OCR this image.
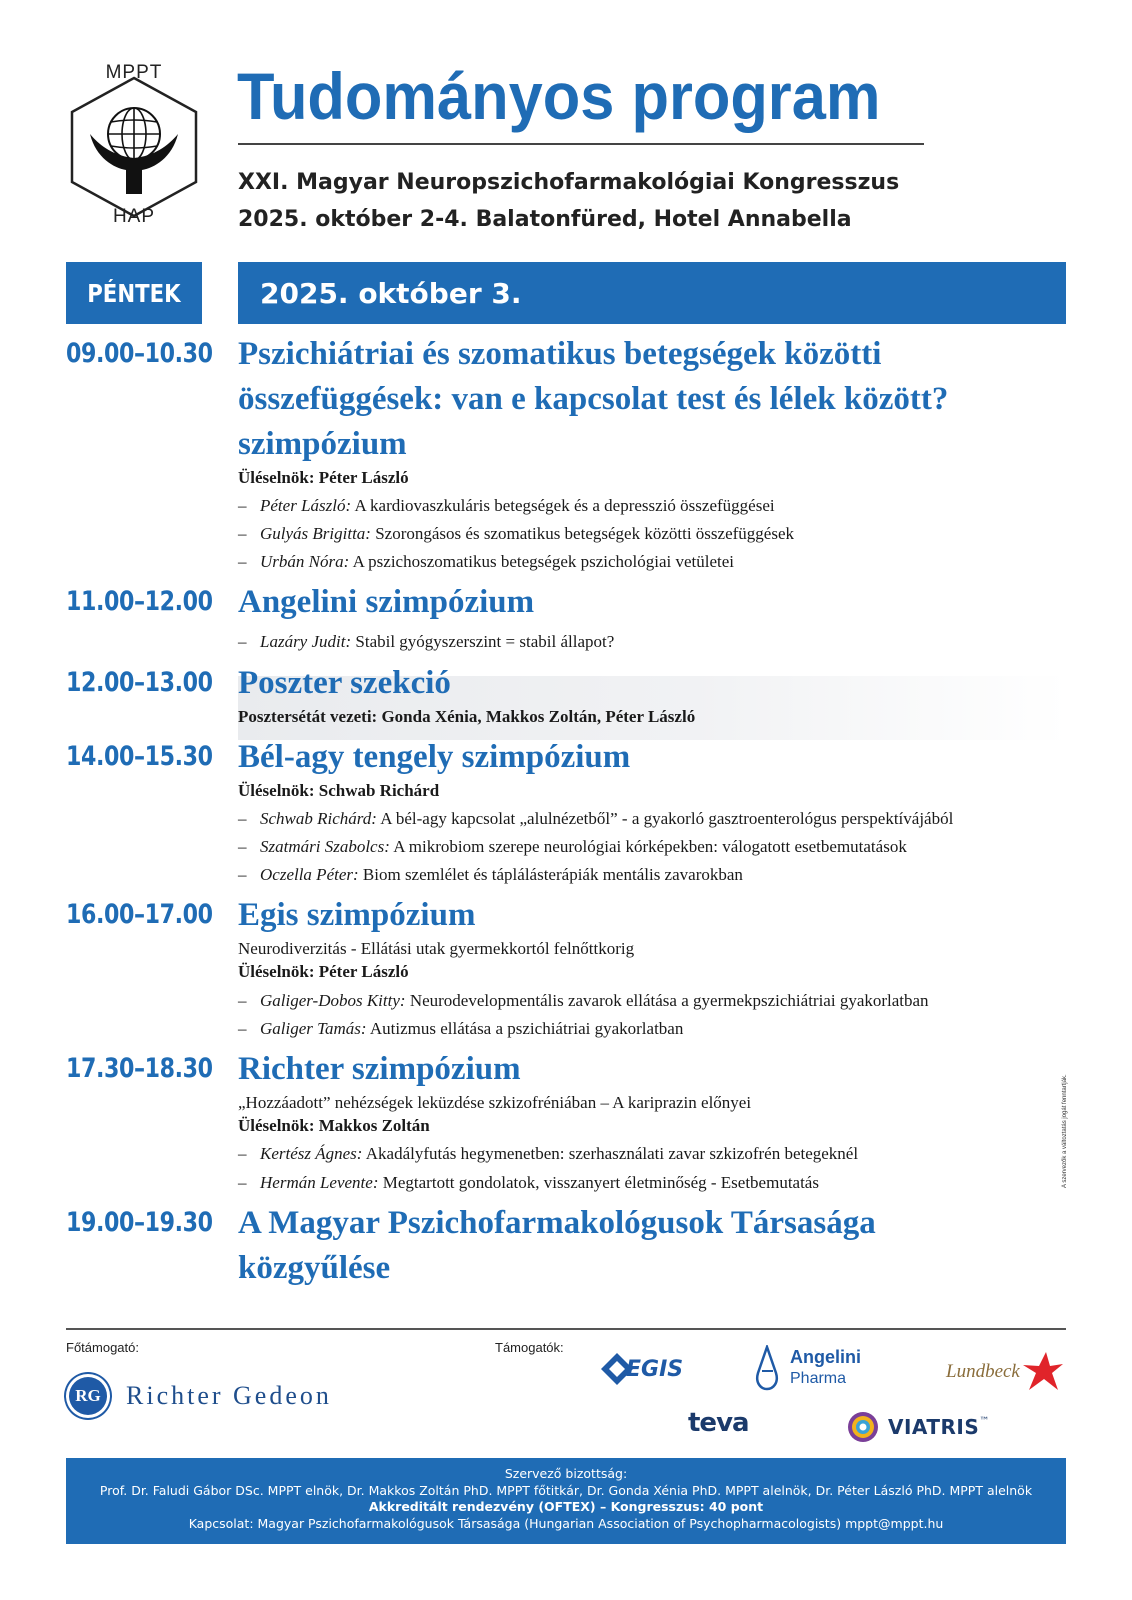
MPPT
HAP
Tudományos program
XXI. Magyar Neuropszichofarmakológiai Kongresszus
2025. október 2-4. Balatonfüred, Hotel Annabella
PÉNTEK	2025. október 3.
09.00–10.30 Pszichiátriai és szomatikus betegségek közötti
összefüggések: van e kapcsolat test és lélek között?
szimpózium
Üléselnök: Péter László
– Péter László: A kardiovaszkuláris betegségek és a depresszió összefüggései
– Gulyás Brigitta: Szorongásos és szomatikus betegségek közötti összefüggések
– Urbán Nóra: A pszichoszomatikus betegségek pszichológiai vetületei
11.00–12.00 Angelini szimpózium
– Lazáry Judit: Stabil gyógyszerszint = stabil állapot?
12.00–13.00 Poszter szekció
Posztersétát vezeti: Gonda Xénia, Makkos Zoltán, Péter László
14.00–15.30 Bél-agy tengely szimpózium
Üléselnök: Schwab Richárd
– Schwab Richárd: A bél-agy kapcsolat „alulnézetből” - a gyakorló gasztroenterológus perspektívájából
– Szatmári Szabolcs: A mikrobiom szerepe neurológiai kórképekben: válogatott esetbemutatások
– Oczella Péter: Biom szemlélet és táplálásterápiák mentális zavarokban
16.00–17.00 Egis szimpózium
Neurodiverzitás - Ellátási utak gyermekkortól felnőttkorig
Üléselnök: Péter László
– Galiger-Dobos Kitty: Neurodevelopmentális zavarok ellátása a gyermekpszichiátriai gyakorlatban
– Galiger Tamás: Autizmus ellátása a pszichiátriai gyakorlatban
17.30–18.30 Richter szimpózium
„Hozzáadott” nehézségek leküzdése szkizofréniában – A kariprazin előnyei
Üléselnök: Makkos Zoltán
– Kertész Ágnes: Akadályfutás hegymenetben: szerhasználati zavar szkizofrén betegeknél
– Hermán Levente: Megtartott gondolatok, visszanyert életminőség - Esetbemutatás
19.00–19.30 A Magyar Pszichofarmakológusok Társasága
közgyűlése
A szervezők a változtatás jogát fenntartják.
Főtámogató:	Támogatók:
RG Richter Gedeon
EGIS	Angelini
Pharma	Lundbeck
teva	VIATRIS ™
Szervező bizottság:
Prof. Dr. Faludi Gábor DSc. MPPT elnök, Dr. Makkos Zoltán PhD. MPPT főtitkár, Dr. Gonda Xénia PhD. MPPT alelnök, Dr. Péter László PhD. MPPT alelnök
Akkreditált rendezvény (OFTEX) – Kongresszus: 40 pont
Kapcsolat: Magyar Pszichofarmakológusok Társasága (Hungarian Association of Psychopharmacologists) mppt@mppt.hu
